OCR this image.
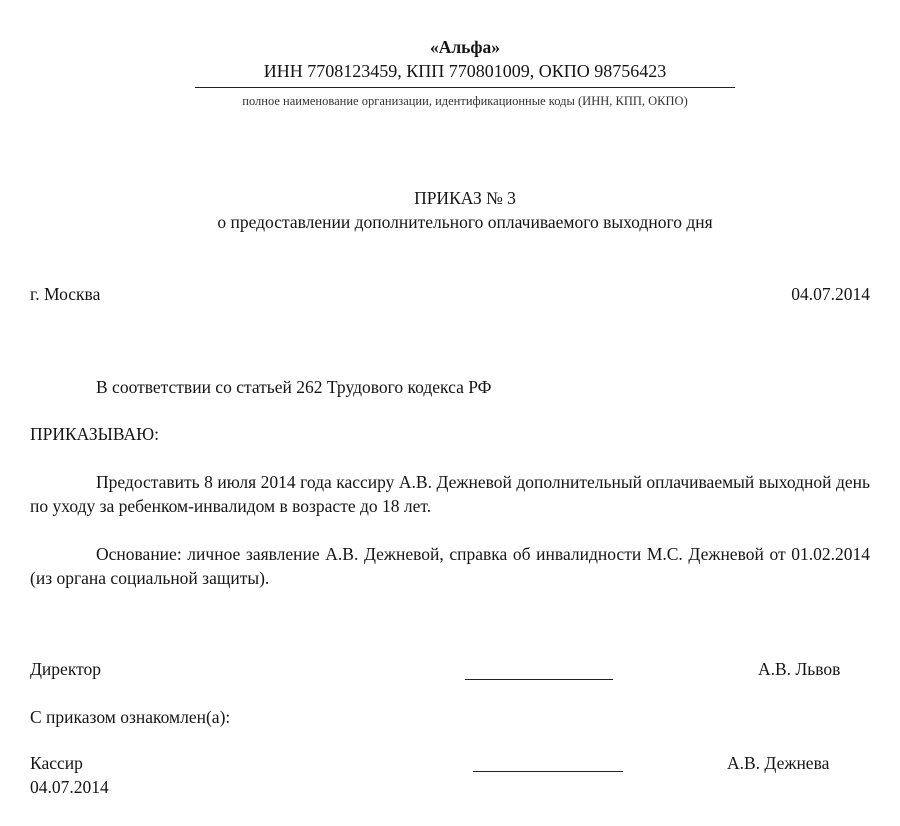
«Альфа»
ИНН 7708123459, КПП 770801009, ОКПО 98756423
полное наименование организации, идентификационные коды (ИНН, КПП, ОКПО)
ПРИКАЗ № 3
о предоставлении дополнительного оплачиваемого выходного дня
г. Москва	04.07.2014
В соответствии со статьей 262 Трудового кодекса РФ
ПРИКАЗЫВАЮ:
Предоставить 8 июля 2014 года кассиру А.В. Дежневой дополнительный оплачиваемый выходной день по уходу за ребенком-инвалидом в возрасте до 18 лет.
Основание: личное заявление А.В. Дежневой, справка об инвалидности М.С. Дежневой от 01.02.2014 (из органа социальной защиты).
Директор	А.В. Львов
С приказом ознакомлен(а):
Кассир
04.07.2014
А.В. Дежнева
